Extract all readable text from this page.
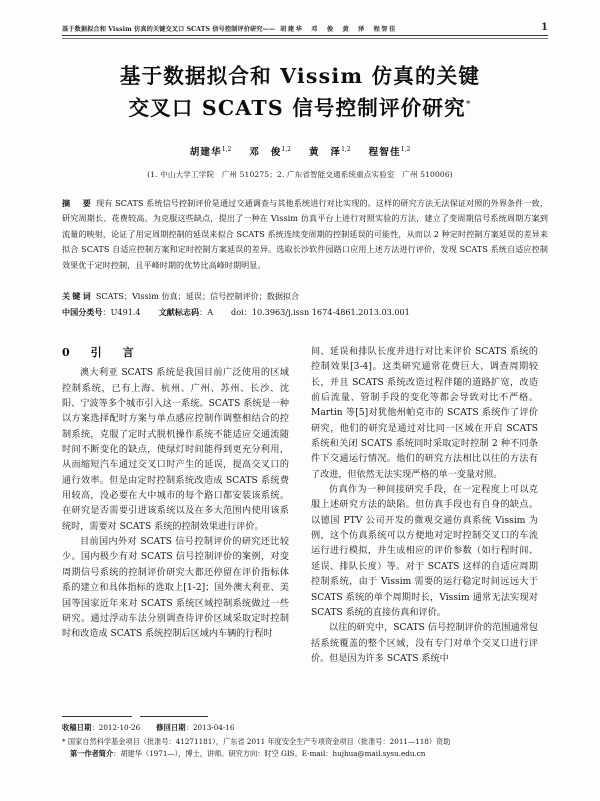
基于数据拟合和 Vissim 仿真的关键交叉口 SCATS 信号控制评价研究 —— 胡建华　邓　俊　黄　泽　程智佳	1
基于数据拟合和 Vissim 仿真的关键
交叉口 SCATS 信号控制评价研究*
胡建华$^{1,2}$ 邓　俊$^{1,2}$ 黄　泽$^{1,2}$ 程智佳$^{1,2}$
(1. 中山大学工学院　广州 510275；2. 广东省智能交通系统重点实验室　广州 510006)
摘　要 现有 SCATS 系统信号控制评价是通过交通调查与其他系统进行对比实现的。这样的研究方法无法保证对照的外界条件一致，研究周期长、花费较高。为克服这些缺点，提出了一种在 Vissim 仿真平台上进行对照实验的方法，建立了变周期信号系统周期方案到流量的映射，论证了用定周期控制的延误来拟合 SCATS 系统连续变周期的控制延误的可能性，从而以 2 种定时控制方案延误的差异来拟合 SCATS 自适应控制方案和定时控制方案延误的差异。选取长沙软件园路口应用上述方法进行评价，发现 SCATS 系统自适应控制效果优于定时控制，且平峰时期的优势比高峰时期明显。
关键词 SCATS；Vissim 仿真；延误；信号控制评价；数据拟合
中国分类号：U491.4 文献标志码：A doi：10.3963/j.issn 1674-4861.2013.03.001
0　 引　言

澳大利亚 SCATS 系统是我国目前广泛使用的区域控制系统，已有上海、杭州、广州、苏州、长沙、沈阳、宁波等多个城市引入这一系统。SCATS 系统是一种以方案选择配时方案与单点感应控制作调整相结合的控制系统，克服了定时式脱机操作系统不能适应交通流随时间不断变化的缺点，使绿灯时间能得到更充分利用，从而缩短汽车通过交叉口时产生的延误，提高交叉口的通行效率。但是由定时控制系统改造成 SCATS 系统费用较高，没必要在大中城市的每个路口都安装该系统。在研究是否需要引进该系统以及在多大范围内使用该系统时，需要对 SCATS 系统的控制效果进行评价。

目前国内外对 SCATS 信号控制评价的研究还比较少。国内极少有对 SCATS 信号控制评价的案例，对变周期信号系统的控制评价研究大都还停留在评价指标体系的建立和具体指标的选取上[1-2]；国外澳大利亚、美国等国家近年来对 SCATS 系统区域控制系统做过一些研究。通过浮动车法分别调查待评价区域采取定时控制时和改造成 SCATS 系统控制后区域内车辆的行程时

间、延误和排队长度并进行对比来评价 SCATS 系统的控制效果[3-4]。这类研究通常花费巨大、调查周期较长，并且 SCATS 系统改造过程伴随的道路扩宽，改造前后流量、管制手段的变化等都会导致对比不严格。Martin 等[5]对犹他州帕克市的 SCATS 系统作了评价研究，他们的研究是通过对比同一区域在开启 SCATS 系统和关闭 SCATS 系统同时采取定时控制 2 种不同条件下交通运行情况。他们的研究方法相比以往的方法有了改进，但依然无法实现严格的单一变量对照。

仿真作为一种间接研究手段，在一定程度上可以克服上述研究方法的缺陷。但仿真手段也有自身的缺点。以德国 PTV 公司开发的微观交通仿真系统 Vissim 为例，这个仿真系统可以方便地对定时控制交叉口的车流运行进行模拟，并生成相应的评价参数（如行程时间、延误、排队长度）等。对于 SCATS 这样的自适应周期控制系统，由于 Vissim 需要的运行稳定时间远远大于 SCATS 系统的单个周期时长，Vissim 通常无法实现对 SCATS 系统的直接仿真和评价。

以往的研究中，SCATS 信号控制评价的范围通常包括系统覆盖的整个区域，没有专门对单个交叉口进行评价。但是因为许多 SCATS 系统中

收稿日期：2012-10-26 修回日期：2013-04-16
* 国家自然科学基金项目（批准号：41271181），广东省 2011 年度安全生产专项资金项目（批准号：2011—118）资助
第一作者简介：胡建华（1971—），博士，讲师。研究方向：时空 GIS。E-mail：hujhua@mail.sysu.edu.cn
